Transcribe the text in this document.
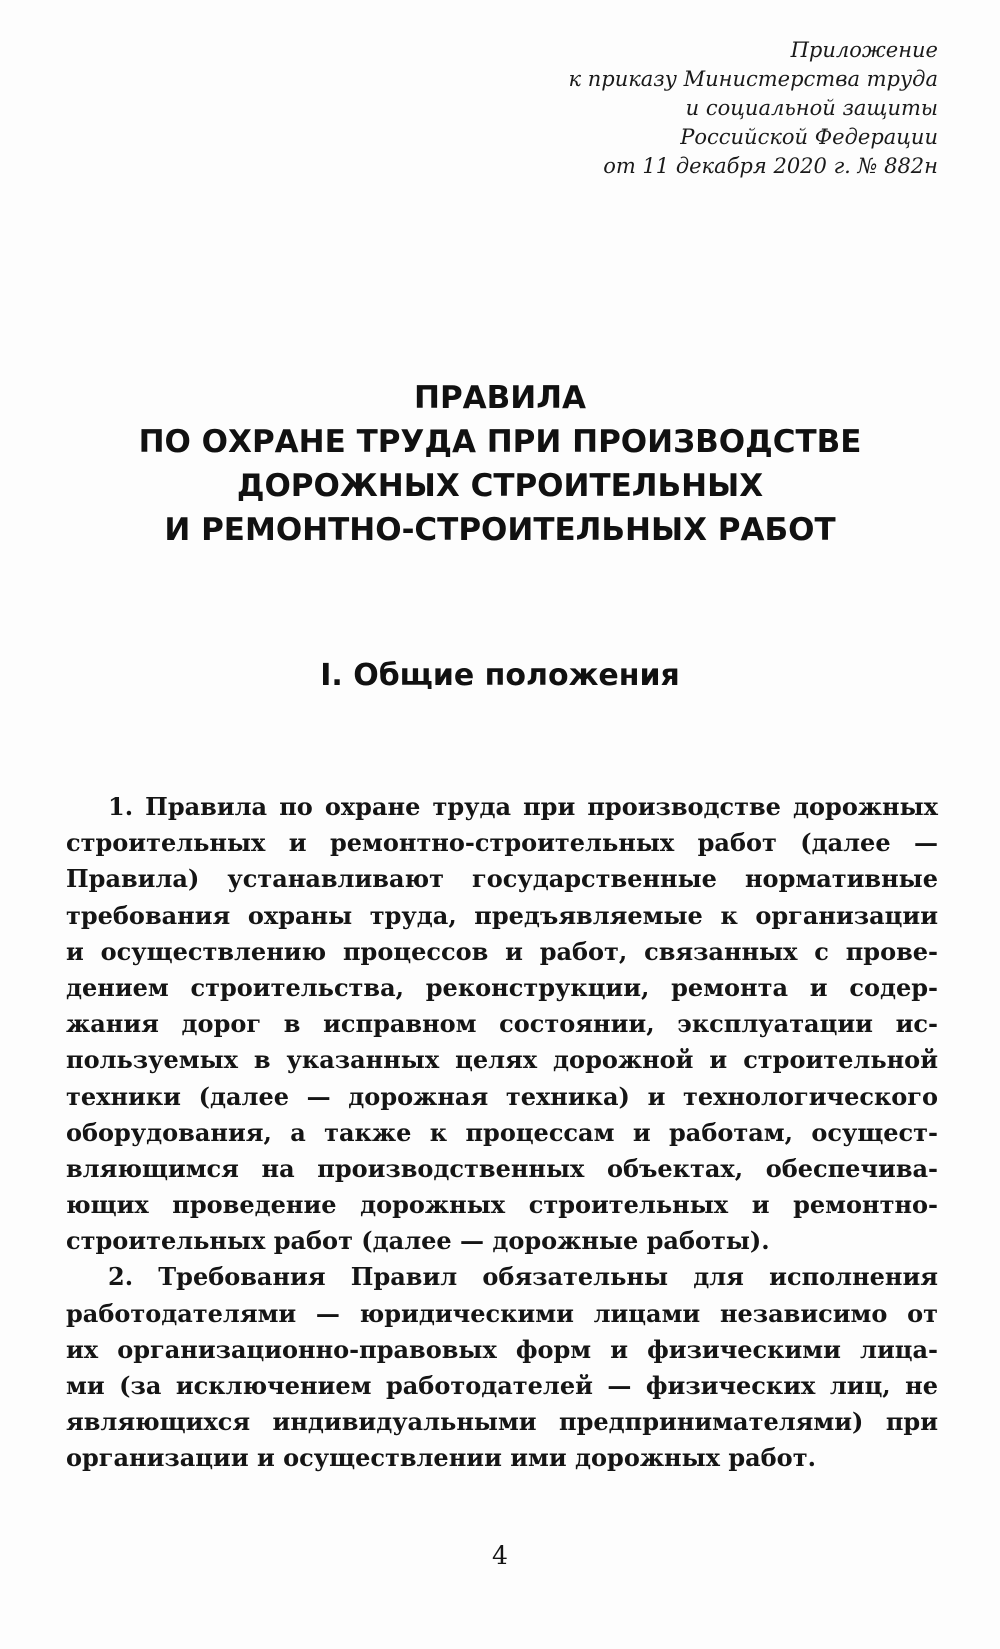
Приложение
к приказу Министерства труда
и социальной защиты
Российской Федерации
от 11 декабря 2020 г. № 882н
ПРАВИЛА
ПО ОХРАНЕ ТРУДА ПРИ ПРОИЗВОДСТВЕ
ДОРОЖНЫХ СТРОИТЕЛЬНЫХ
И РЕМОНТНО-СТРОИТЕЛЬНЫХ РАБОТ
I. Общие положения
1. Правила по охране труда при производстве дорожных
строительных и ремонтно-строительных работ (далее —
Правила) устанавливают государственные нормативные
требования охраны труда, предъявляемые к организации
и осуществлению процессов и работ, связанных с прове-
дением строительства, реконструкции, ремонта и содер-
жания дорог в исправном состоянии, эксплуатации ис-
пользуемых в указанных целях дорожной и строительной
техники (далее — дорожная техника) и технологического
оборудования, а также к процессам и работам, осущест-
вляющимся на производственных объектах, обеспечива-
ющих проведение дорожных строительных и ремонтно-
строительных работ (далее — дорожные работы).
2. Требования Правил обязательны для исполнения
работодателями — юридическими лицами независимо от
их организационно-правовых форм и физическими лица-
ми (за исключением работодателей — физических лиц, не
являющихся индивидуальными предпринимателями) при
организации и осуществлении ими дорожных работ.
4
